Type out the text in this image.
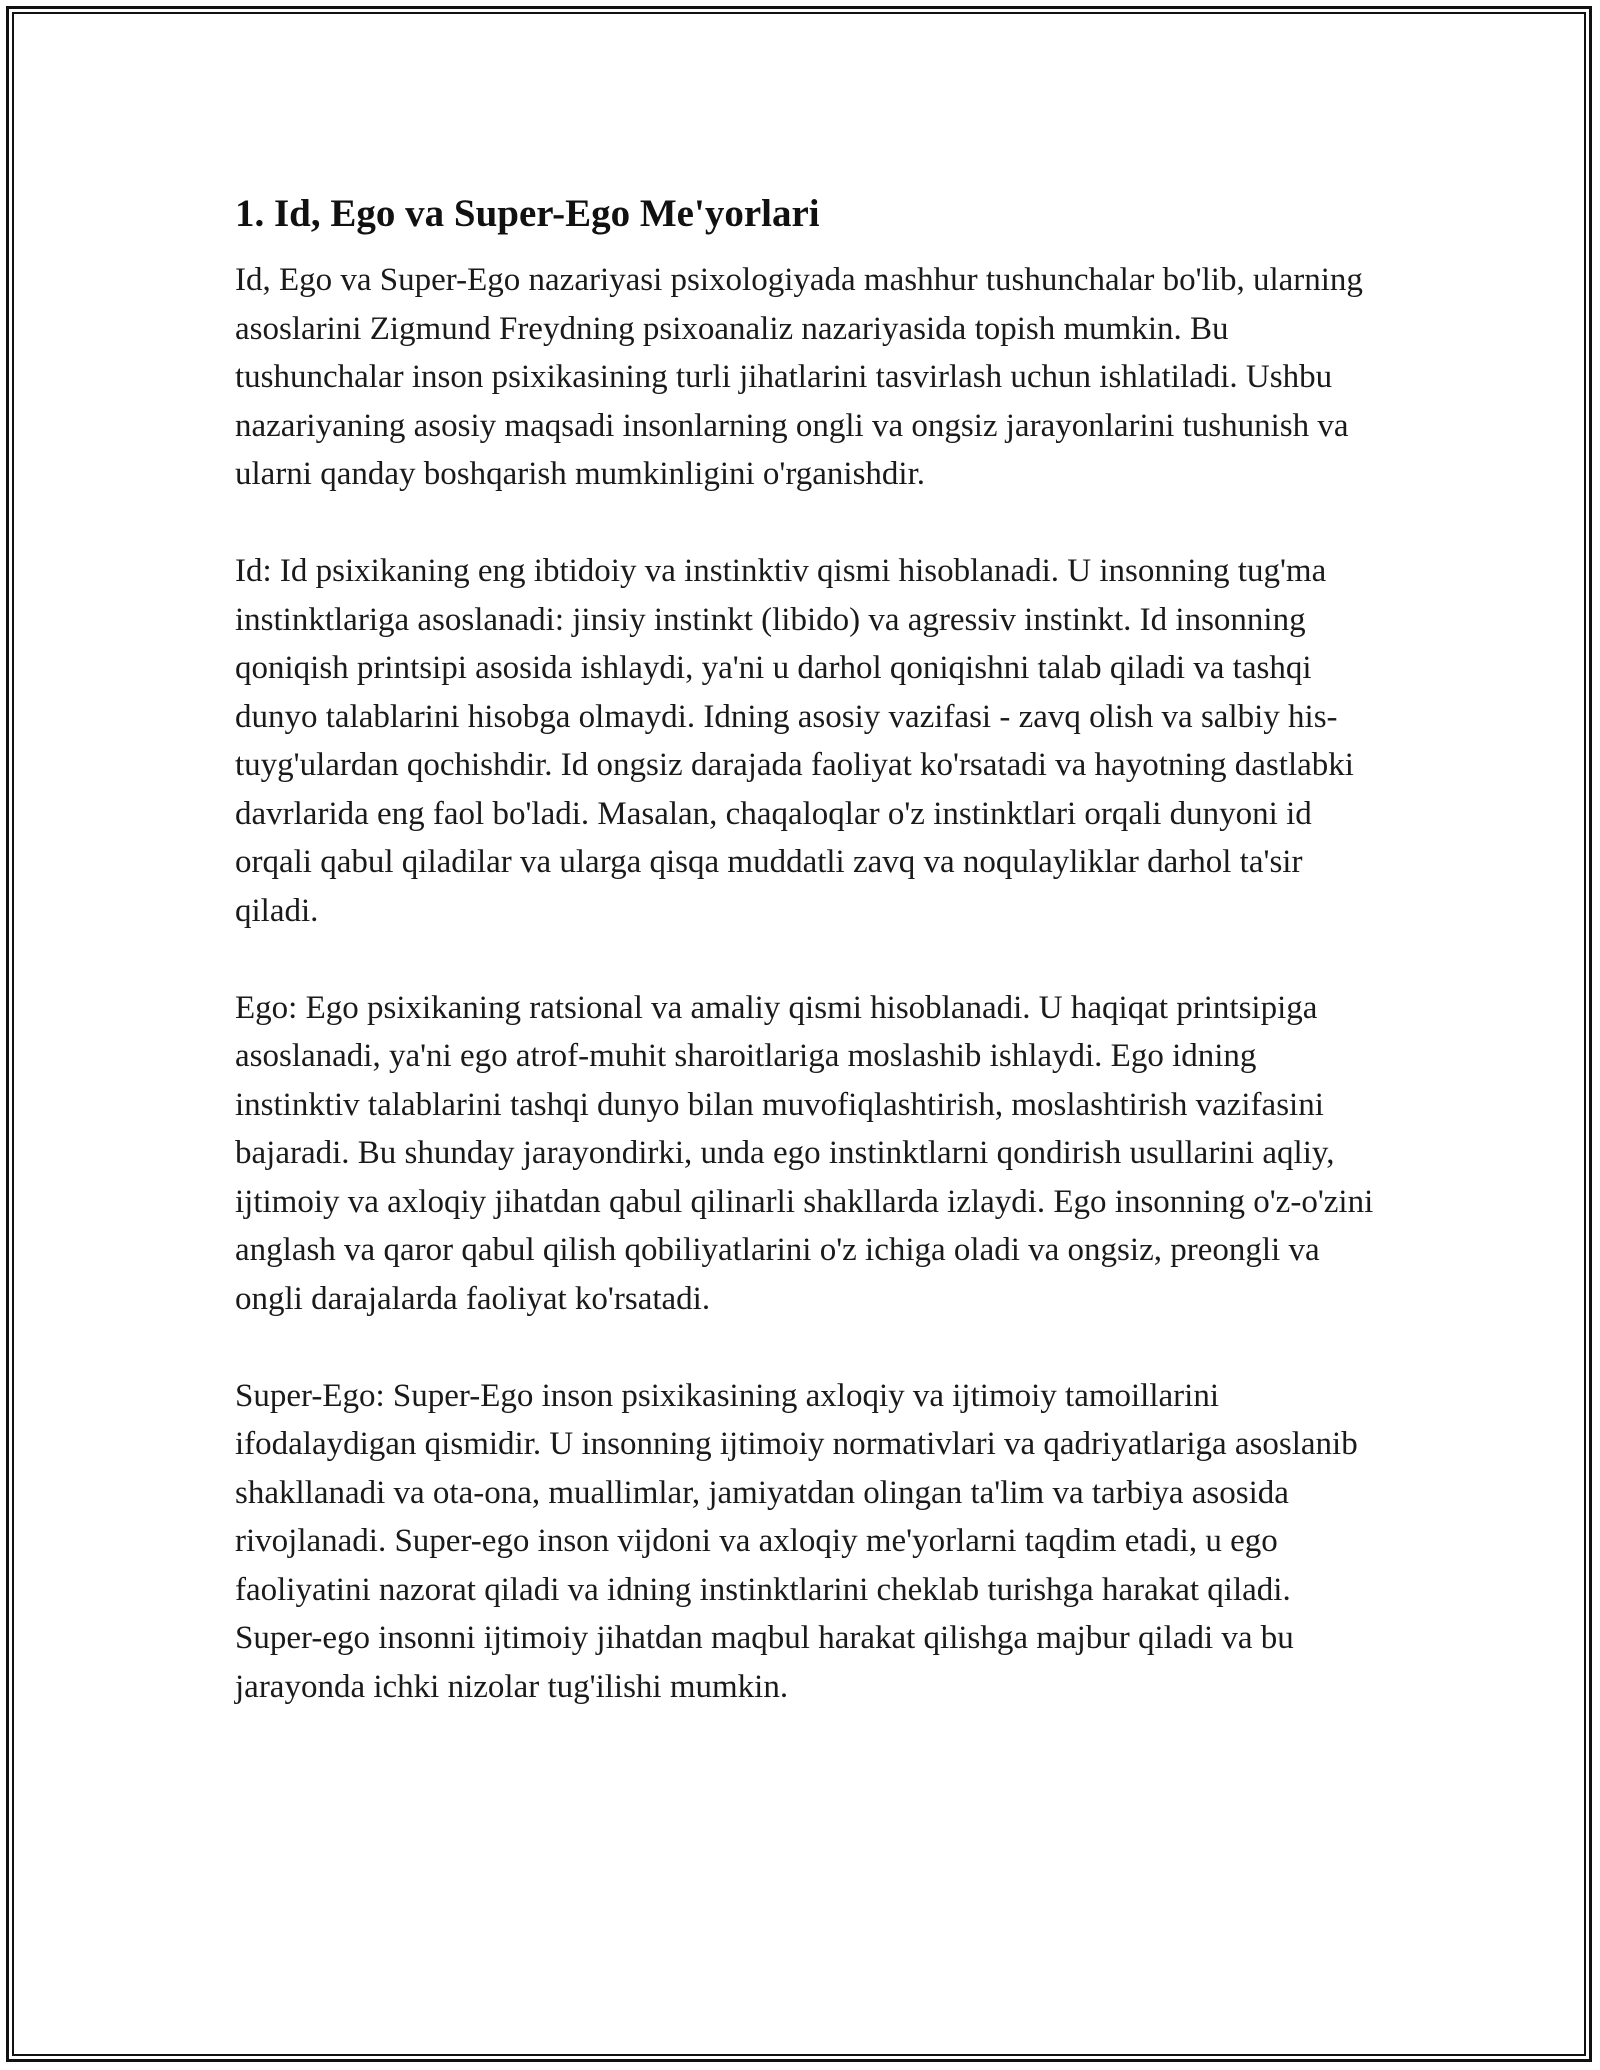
1. Id, Ego va Super-Ego Me'yorlari

Id, Ego va Super-Ego nazariyasi psixologiyada mashhur tushunchalar bo'lib, ularning asoslarini Zigmund Freydning psixoanaliz nazariyasida topish mumkin. Bu tushunchalar inson psixikasining turli jihatlarini tasvirlash uchun ishlatiladi. Ushbu nazariyaning asosiy maqsadi insonlarning ongli va ongsiz jarayonlarini tushunish va ularni qanday boshqarish mumkinligini o'rganishdir.

Id: Id psixikaning eng ibtidoiy va instinktiv qismi hisoblanadi. U insonning tug'ma instinktlariga asoslanadi: jinsiy instinkt (libido) va agressiv instinkt. Id insonning qoniqish printsipi asosida ishlaydi, ya'ni u darhol qoniqishni talab qiladi va tashqi dunyo talablarini hisobga olmaydi. Idning asosiy vazifasi - zavq olish va salbiy his-tuyg'ulardan qochishdir. Id ongsiz darajada faoliyat ko'rsatadi va hayotning dastlabki davrlarida eng faol bo'ladi. Masalan, chaqaloqlar o'z instinktlari orqali dunyoni id orqali qabul qiladilar va ularga qisqa muddatli zavq va noqulayliklar darhol ta'sir qiladi.

Ego: Ego psixikaning ratsional va amaliy qismi hisoblanadi. U haqiqat printsipiga asoslanadi, ya'ni ego atrof-muhit sharoitlariga moslashib ishlaydi. Ego idning instinktiv talablarini tashqi dunyo bilan muvofiqlashtirish, moslashtirish vazifasini bajaradi. Bu shunday jarayondirki, unda ego instinktlarni qondirish usullarini aqliy, ijtimoiy va axloqiy jihatdan qabul qilinarli shakllarda izlaydi. Ego insonning o'z-o'zini anglash va qaror qabul qilish qobiliyatlarini o'z ichiga oladi va ongsiz, preongli va ongli darajalarda faoliyat ko'rsatadi.

Super-Ego: Super-Ego inson psixikasining axloqiy va ijtimoiy tamoillarini ifodalaydigan qismidir. U insonning ijtimoiy normativlari va qadriyatlariga asoslanib shakllanadi va ota-ona, muallimlar, jamiyatdan olingan ta'lim va tarbiya asosida rivojlanadi. Super-ego inson vijdoni va axloqiy me'yorlarni taqdim etadi, u ego faoliyatini nazorat qiladi va idning instinktlarini cheklab turishga harakat qiladi. Super-ego insonni ijtimoiy jihatdan maqbul harakat qilishga majbur qiladi va bu jarayonda ichki nizolar tug'ilishi mumkin.
